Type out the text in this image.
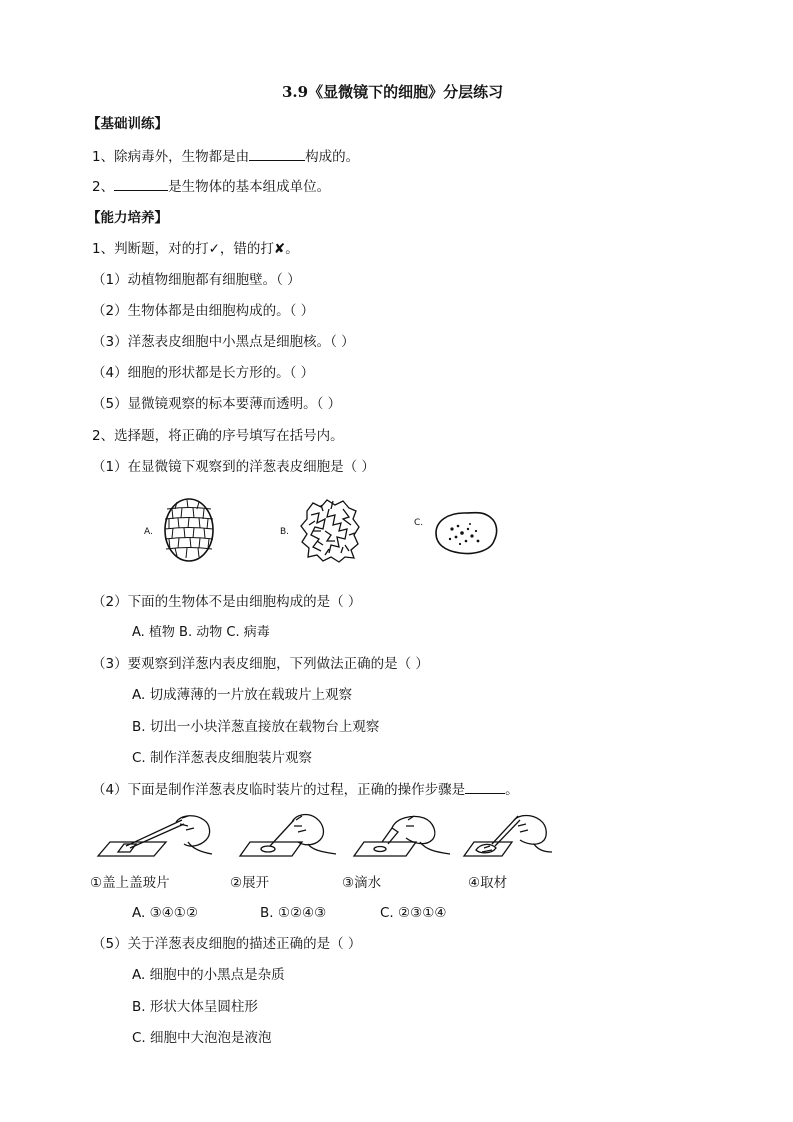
3.9《显微镜下的细胞》分层练习
【基础训练】
1、除病毒外，生物都是由	构成的。
2、	是生物体的基本组成单位。
【能力培养】
1、判断题，对的打✓，错的打✘。
（1）动植物细胞都有细胞壁。（ ）
（2）生物体都是由细胞构成的。（ ）
（3）洋葱表皮细胞中小黑点是细胞核。（ ）
（4）细胞的形状都是长方形的。（ ）
（5）显微镜观察的标本要薄而透明。（ ）
2、选择题，将正确的序号填写在括号内。
（1）在显微镜下观察到的洋葱表皮细胞是（ ）
A.	B.
C.
（2）下面的生物体不是由细胞构成的是（ ）
A. 植物 B. 动物 C. 病毒
（3）要观察到洋葱内表皮细胞，下列做法正确的是（ ）
A. 切成薄薄的一片放在载玻片上观察
B. 切出一小块洋葱直接放在载物台上观察
C. 制作洋葱表皮细胞装片观察
（4）下面是制作洋葱表皮临时装片的过程，正确的操作步骤是	。
①盖上盖玻片	②展开	③滴水	④取材
A. ③④①②	B. ①②④③	C. ②③①④
（5）关于洋葱表皮细胞的描述正确的是（ ）
A. 细胞中的小黑点是杂质
B. 形状大体呈圆柱形
C. 细胞中大泡泡是液泡
